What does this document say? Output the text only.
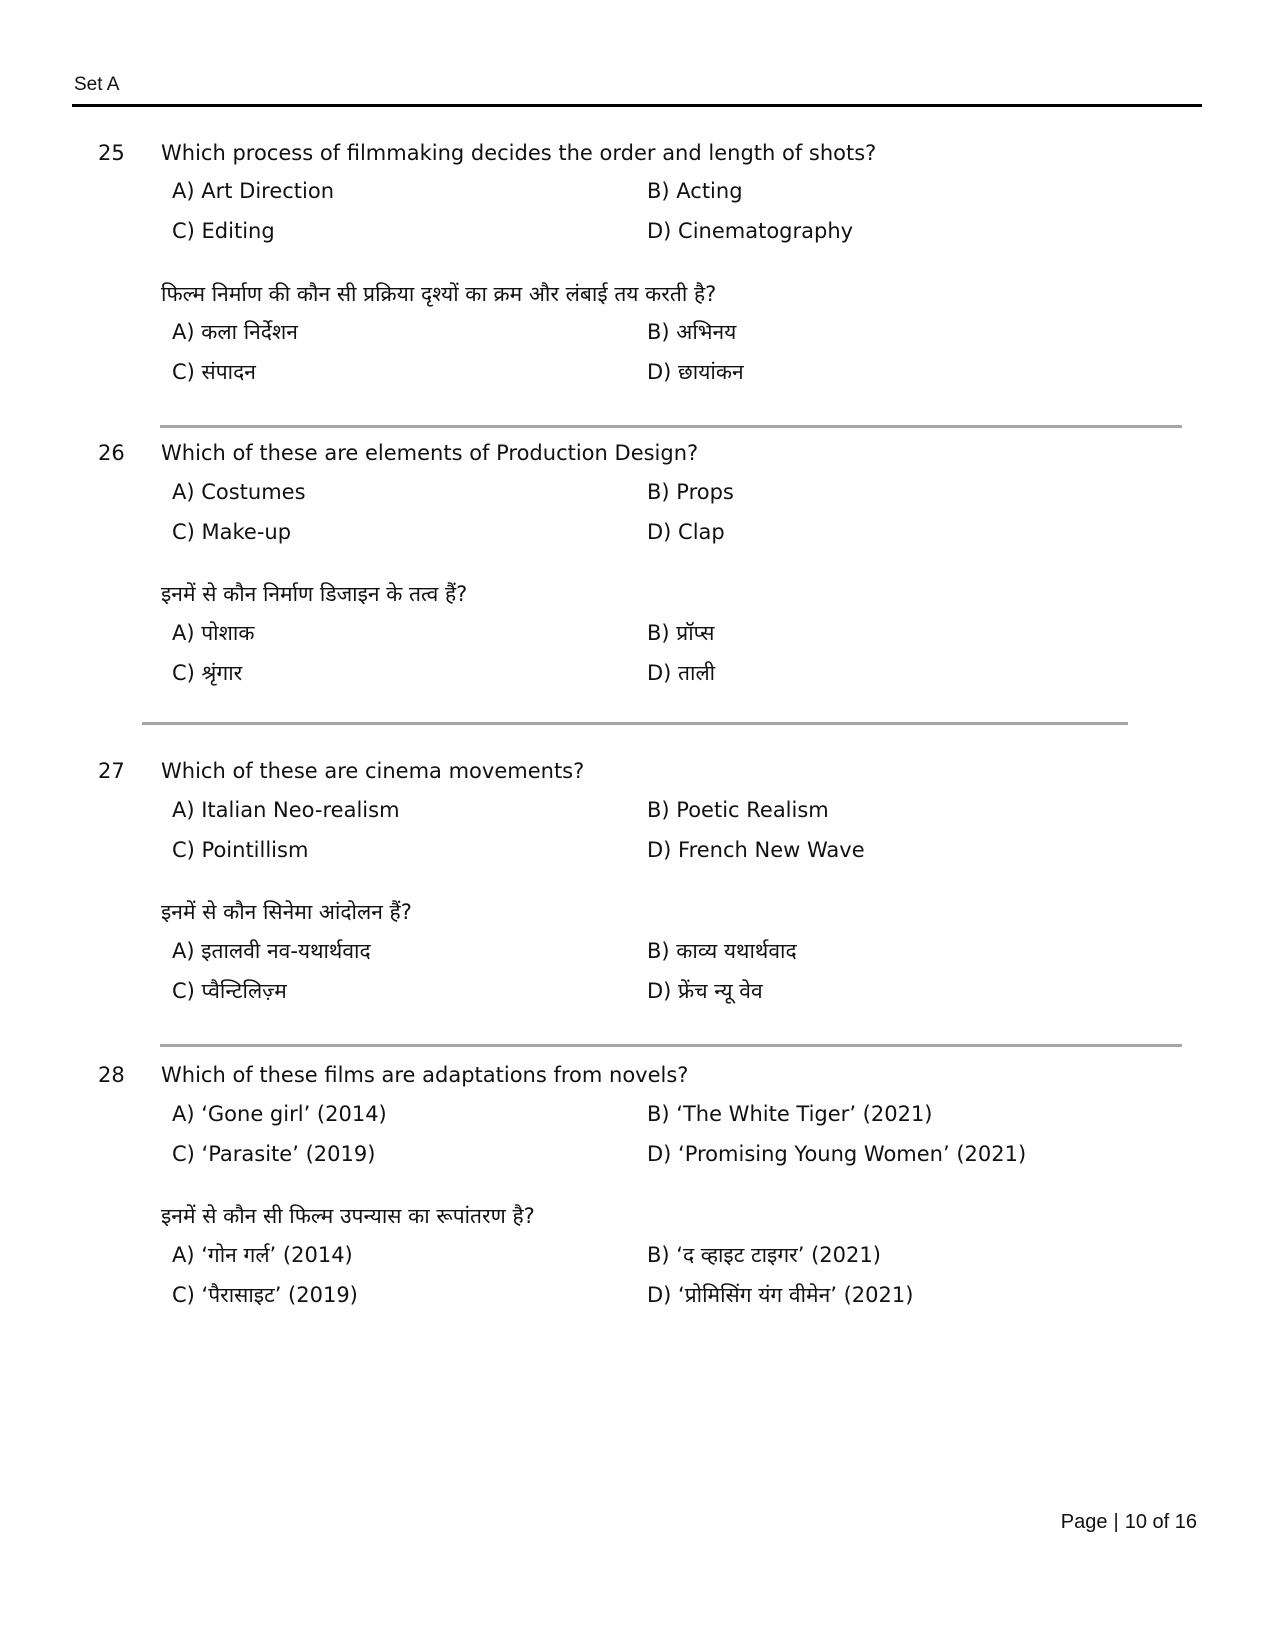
Set A
25 Which process of filmmaking decides the order and length of shots?
A) Art Direction	B) Acting
C) Editing	D) Cinematography
फिल्म निर्माण की कौन सी प्रक्रिया दृश्यों का क्रम और लंबाई तय करती है?
A) कला निर्देशन	B) अभिनय
C) संपादन	D) छायांकन
26 Which of these are elements of Production Design?
A) Costumes	B) Props
C) Make-up	D) Clap
इनमें से कौन निर्माण डिजाइन के तत्व हैं?
A) पोशाक	B) प्रॉप्स
C) श्रृंगार	D) ताली
27 Which of these are cinema movements?
A) Italian Neo-realism	B) Poetic Realism
C) Pointillism	D) French New Wave
इनमें से कौन सिनेमा आंदोलन हैं?
A) इतालवी नव-यथार्थवाद	B) काव्य यथार्थवाद
C) प्वैन्टिलिज़्म	D) फ्रेंच न्यू वेव
28 Which of these films are adaptations from novels?
A) ‘Gone girl’ (2014)	B) ‘The White Tiger’ (2021)
C) ‘Parasite’ (2019)	D) ‘Promising Young Women’ (2021)
इनमें से कौन सी फिल्म उपन्यास का रूपांतरण है?
A) ‘गोन गर्ल’ (2014)	B) ‘द व्हाइट टाइगर’ (2021)
C) ‘पैरासाइट’ (2019)	D) ‘प्रोमिसिंग यंग वीमेन’ (2021)
Page | 10 of 16
